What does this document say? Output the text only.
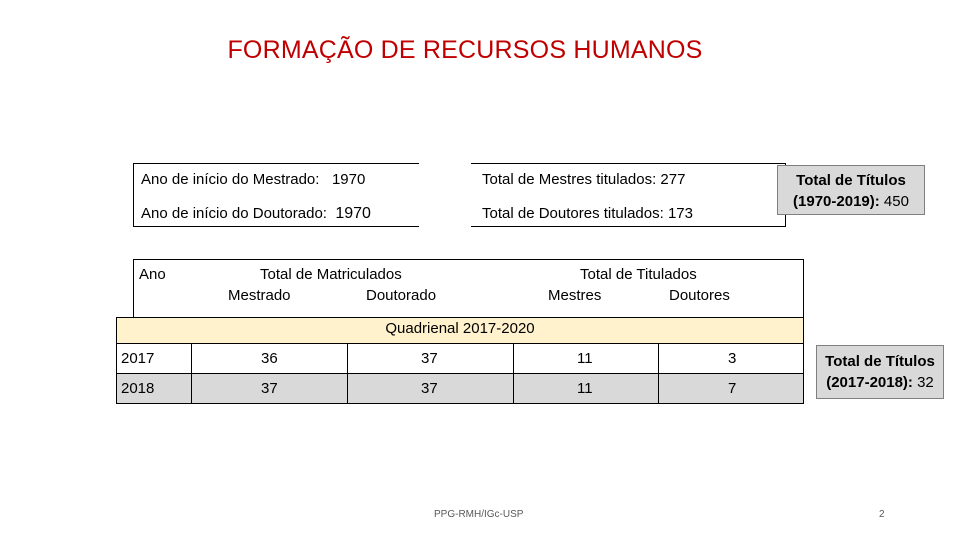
FORMAÇÃO DE RECURSOS HUMANOS
Ano de início do Mestrado: 1970
Ano de início do Doutorado: 1970
Total de Mestres titulados: 277
Total de Doutores titulados: 173
Total de Títulos
(1970-2019): 450
Ano	Total de Matriculados
Mestrado	Doutorado
Total de Titulados
Mestres	Doutores
Quadrienal 2017-2020
2017	36	37	11	3
2018	37	37	11	7
Total de Títulos
(2017-2018): 32
PPG-RMH/IGc-USP	2
